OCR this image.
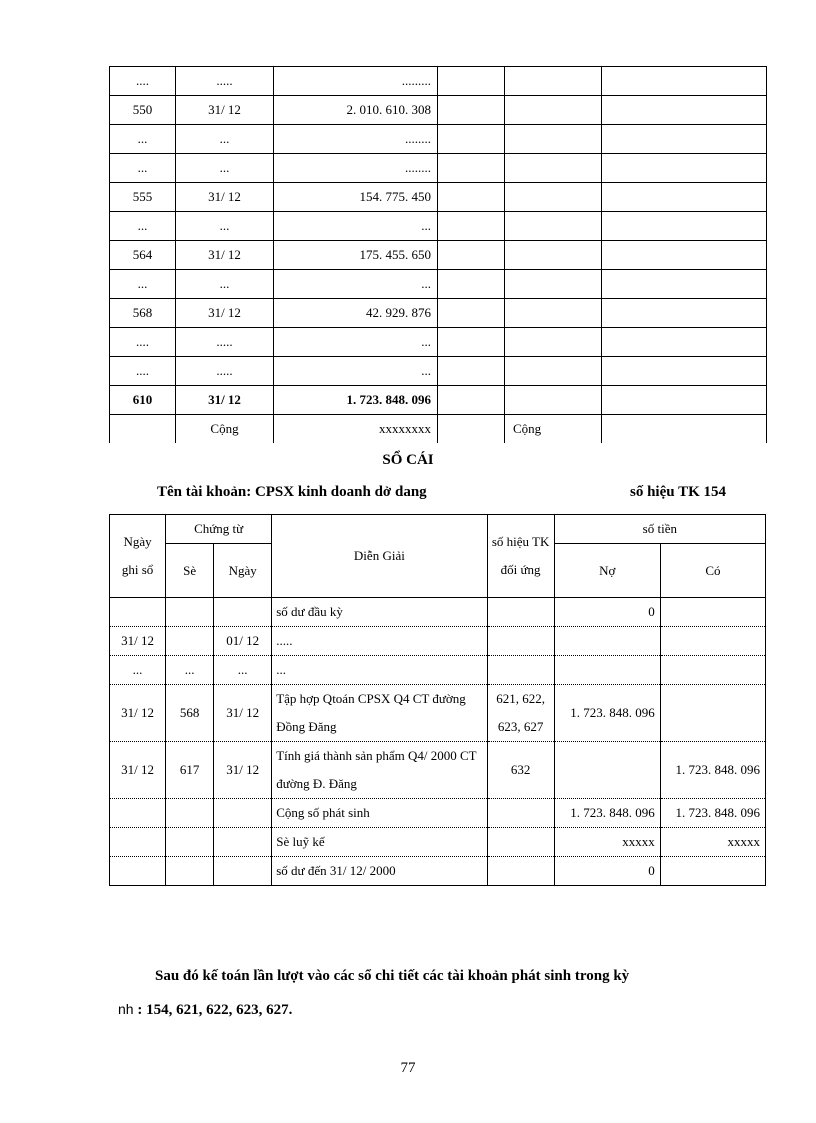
....	.....	.........			
550	31/ 12	2. 010. 610. 308			
...	...	........			
...	...	........			
555	31/ 12	154. 775. 450			
...	...	...			
564	31/ 12	175. 455. 650			
...	...	...			
568	31/ 12	42. 929. 876			
....	.....	...			
....	.....	...			
610	31/ 12	1. 723. 848. 096			
	Cộng	xxxxxxxx		Cộng	
SỔ CÁI
Tên tài khoản: CPSX kinh doanh dở dang	số hiệu TK 154
Ngày ghi sổ	Chứng từ		Diễn Giải	số hiệu TK đối ứng	số tiền	
	Sè	Ngày			Nợ	Có
			số dư đầu kỳ		0	
31/ 12		01/ 12	.....			
...	...	...	...			
31/ 12	568	31/ 12	Tập hợp Qtoán CPSX Q4 CT đường Đồng Đăng	621, 622, 623, 627	1. 723. 848. 096	
31/ 12	617	31/ 12	Tính giá thành sản phẩm Q4/ 2000 CT đường Đ. Đăng	632		1. 723. 848. 096
			Cộng số phát sinh		1. 723. 848. 096	1. 723. 848. 096
			Sè luỹ kế		xxxxx	xxxxx
			số dư đến 31/ 12/ 2000		0	
Sau đó kế toán lần lượt vào các sổ chi tiết các tài khoản phát sinh trong kỳ
nh : 154, 621, 622, 623, 627.
77
